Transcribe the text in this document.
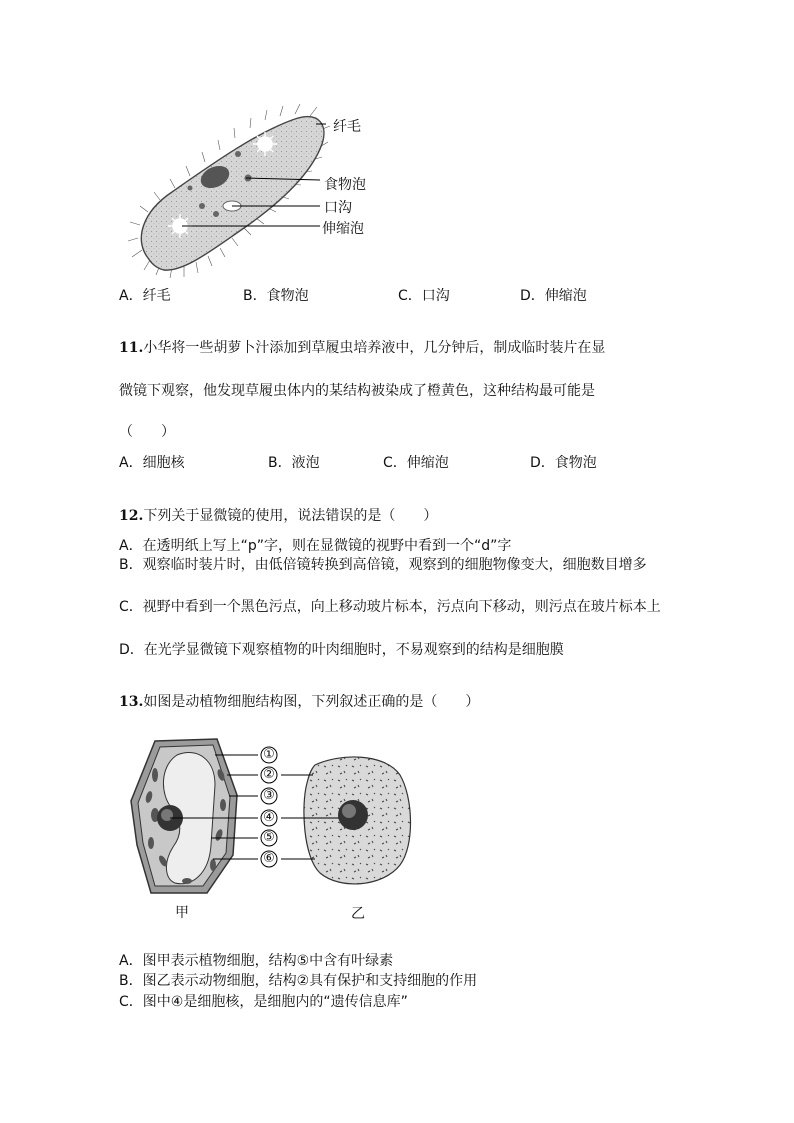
纤毛
食物泡
口沟
伸缩泡
A．纤毛	B．食物泡	C．口沟	D．伸缩泡
11.小华将一些胡萝卜汁添加到草履虫培养液中，几分钟后，制成临时装片在显
微镜下观察，他发现草履虫体内的某结构被染成了橙黄色，这种结构最可能是
（　　）
A．细胞核	B．液泡	C．伸缩泡	D．食物泡
12.下列关于显微镜的使用，说法错误的是（　　）
A．在透明纸上写上“p”字，则在显微镜的视野中看到一个“d”字
B．观察临时装片时，由低倍镜转换到高倍镜，观察到的细胞物像变大，细胞数目增多
C．视野中看到一个黑色污点，向上移动玻片标本，污点向下移动，则污点在玻片标本上
D．在光学显微镜下观察植物的叶肉细胞时，不易观察到的结构是细胞膜
13.如图是动植物细胞结构图，下列叙述正确的是（　　）
①
②
③
④
⑤
⑥
甲	乙
A．图甲表示植物细胞，结构⑤中含有叶绿素
B．图乙表示动物细胞，结构②具有保护和支持细胞的作用
C．图中④是细胞核，是细胞内的“遗传信息库”
